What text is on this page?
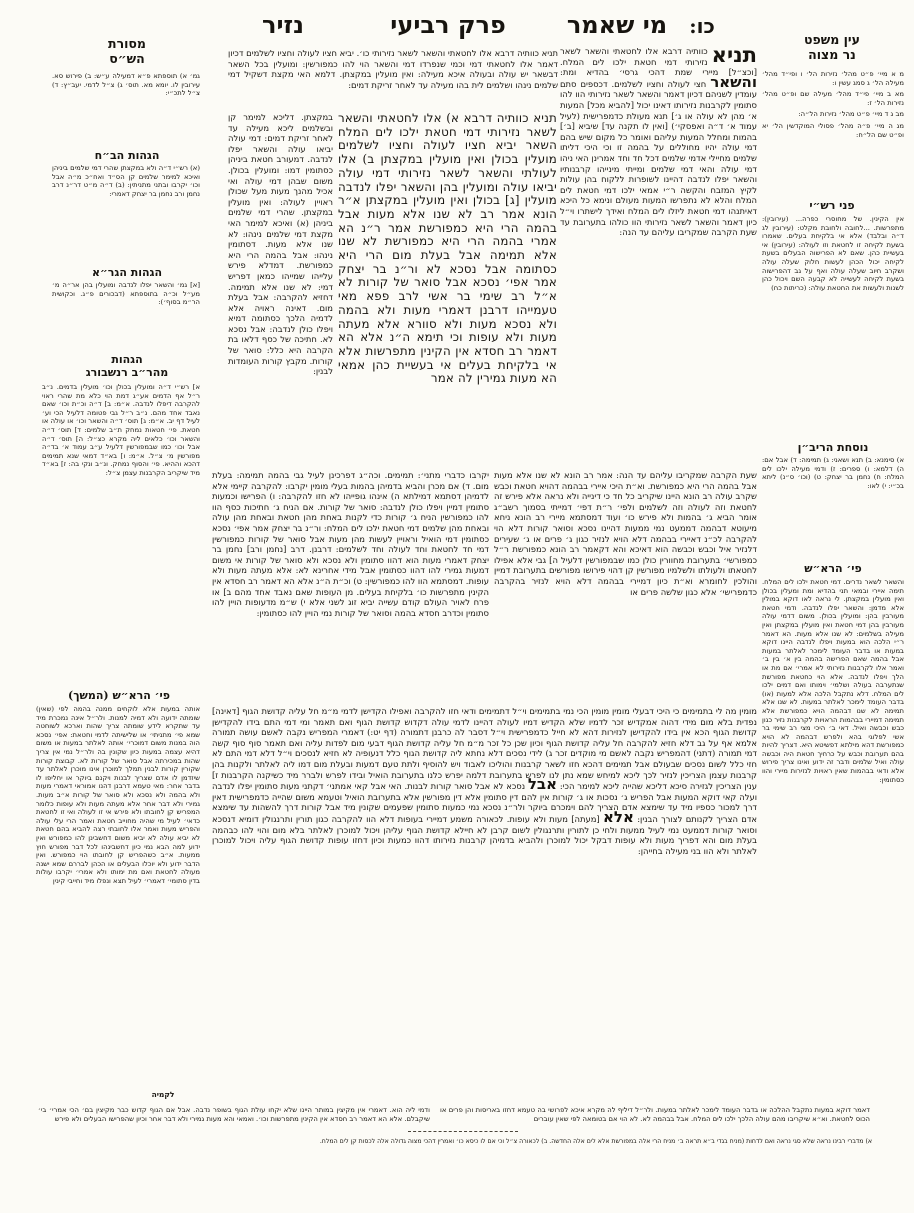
כו:
מי שאמר
פרק רביעי
נזיר
מסורת
הש״ס
גמ׳ א) תוספתא פ״א דמעילה ע״ש: ב) פירוש סא. עירובין לו. יומא מא. תוס׳ ג) צ״ל לדמי. יעב״ץ: ד) צ״ל לתכ״י:
הגהות הב״ח
(א) רש״י ד״ה ולא במקצתן שהרי דמי שלמים ביניהן ואיכא למימר שלמים קן הס״ד ואח״כ מ״ה אבל וכו׳ יקרבו ובתני מתניתין: (ב) ד״ה מ״ט דר״נ דרב נחמן ורב נחמן בר יצחק דאמרי:
הגהות הגר״א
[א] גמ׳ והשאר יפלו לנדבה ומועלין בהן אר״ה מ׳ מע״ל וכ״ה בתוספתא (דבכורים פ״ג. וכקושית הר״מ בסוף׳):
הגהות
מהר״ב רנשבורג
א] רש״י ד״ה ומועלין בכולן וכו׳ מועלין בדמים. נ״ב ר״ל אף הדמים אע״ג דמת הוי כלא מת שהרי ראוי להקרבה דיפלו לנדבה. א״מ: ב] ד״ה וכ״ת וכו׳ שאם נאבד אחד מהם. נ״ב ר״ל גבי פטומה דלעיל הכי וע׳ לעיל דף יב. א״מ: ג] תוס׳ ד״ה והשאר וכו׳ או עולה או חטאת. פי׳ חטאות נמחק ת״ב שלמים: ד] תוס׳ ד״ה והשאר וכו׳ כלאים ליה מקרא כצ״ל: ה] תוס׳ ד״ה אבל וכו׳ כמו שבמפורשין דלעיל ע״ב עמוד א׳ בד״ה מפורשין מ׳ צ״ל. א״מ: ו] בא״ד דמאי שנא תמימים דהכא וההיא. פי׳ והסוף נמחק. ונ״ב ונקי בה: ז] בא״ד מיד שיקריב הקרבנות עצמן צ״ל:
פי׳ הרא״ש (המשך)
אותה במעות אלא לוקחים ממנה בהמה לפי (שאין) שומתה ידועה ולא דמיה למנות. ולר״ל אינה נמכרת מיד עד שתקרא לידע שומתה צריך שהות וארכא לשוחטה שמא פי׳ מתניתי׳ או שלישיתה לדמי וחטאת: אפי׳ נסכא הוה במנות משום דמוכרי׳ אותה לאלתר במעות או משום דהיא עצמה במעות כיון שקונין בה ולר״ל נמי אין צריך שהות במכירתה אבל סואר של קורות לא. קבוצת קורות שקורין קורות לבנין תמלך למוכרן אינו מוכרן לאלתר עד שיזדמן לו אדם שצריך לבנות ויקנם ביוקר או יחליפו לו בדבר אחר: מאי טעמא דרבנן דהנו אמוראי דאמרי מעות ולא בהמה ולא נסכא ולא סואר של קורות א״ב מעות. גמירי ולא דבר אחר אלא מעתה מעות ולא עופות כלומר המפריש קן לחובתו ולא פירש אי זו לעולה ואי זו לחטאת כדאי׳ לעיל מי שהיה מחוייב חטאת ואמר הרי עלי עולה והפריש מעות ואמר אלו לחובתי רצה להביא בהם חטאת לא יביא עולה לא יביא משום דחשבינן להו כמפורש ואין ידוע למה הבא נמי כיון דחשבינהו לכל דבר מפורש חוץ ממעות. א״ב כשהפריש קן לחובתו הוי כמפורש. ואין הדבר ידוע ולא יוכלו הבעלים או הכהן לבררם שמא ישנה מעולה לחטאת ואם מת ימותו ולא אמרי׳ יקרבו עולות בדין סתומי׳ דאמרי׳ לעיל תצא ונפלו מיד וחייבי קינין
לקמיה
עין משפט
נר מצוה
מ א מיי׳ פ״ט מהל׳ נזירות הל׳ ו ופי״ד מהל׳ מעילה הל׳ ג סמג עשין ו:
מא ב מיי׳ פי״ד מהל׳ מעילה שם ופ״ט מהל׳ נזירות הל׳ ז:
מב ג ד מיי׳ פ״ט מהל׳ נזירות הל״ה:
מג ה מיי׳ פ״ה מהל׳ פסולי המוקדשין הל׳ יא ופ״ט שם הל״ח:
פני רש״י
אין הקינין. של מחוסרי כפרה... (עירובין): מתפרשות. ...לחובה ולחובת מקלט: (עירובין לג ד״ה ובלבד) אלא אי בלקיחת בעלים. שאמרו בשעת לקיחה זו לחטאת וזו לעולה: (עירובין) אי בעשיית כהן. שאם לא הפרישוה הבעלים בשעת לקיחה יכול הכהן לעשות חלוק שעלה עולה ושקרב חיוב שעלה עולה ואף על גב דהפרישוה בשעת לקיחה לעשייה לא קבעה השם ויכול כהן לשנות ולעשות את החטאת עולה: (כריתות כח)
נוסחת הריב״ן
א) סימנא: ב) תנא ושאני: ג) תמימה: ד) אבל אם: ה) דלמא: ו) ספרים: ז) ודמי מעילה ילכו לים המלח: ח) נחמן בר יצחק: ט) (וכו׳ ס״נ) ליתא בכ״י: י) לאו:
פי׳ הרא״ש
והשאר לשאר נדרים. דמי חטאת ילכו לים המלח. תימה איירי ובמאי תני בהדיא ומת ומעלין בכולן ואין מועלין במקצתן. לי נראה לאו דוקא במולין אלא מדמן: והשאר יפלו לנדבה. ודמי חטאת מעורבין בהן: ומועלין בכולן. משום דדמי עולה מעורבין בהן דמי חטאת ואין מועלין במקצתן ואין מעילה בשלמים: לא שנו אלא מעות. הא דאמר ר״י הלכה הוא במעות ויפלו לנדבה היינו דוקא במעות או בדבר העומד לימכר לאלתר במעות אבל בהמה שאם הפרישה בהמה בין א׳ בין ב׳ ואמר אלו לקרבנות נזירותי לא אמרי׳ אם מת או הלך ויפלו לנדבה. אלא הוי כחטאת מפורשת שנתערבה בעולה ושלמי׳ וימותו ואם דמים ילכו לים המלח. דלא נתקבל הלכה אלא למעות (או) בדבר העומד לימכר לאלתר במעות. לא שנו אלא תמימה לא שנו דבהמה הויא כמפורשת אלא תמימה דמיירי בבהמות הראויות לקרבנות נזיר כגון כבש וכבשה ואיל. דאי ב׳ היכי מצי רב שימי בר אשי לפלוגי בהא ולפרש דבהמה לא הויא כמפורשת דהא מילתא דפשיטא היא. דצריך להיות בהם תערובת וכבש על כרחיך חטאת היה וכבשה עולה ואיל שלמים ודבר זה ידוע ואינו צריך פירוש אלא ודאי בבהמות שאין ראויות לנזירות מיירי והוו כסתומין:
תניא כוותיה דרבא אלו לחטאתי והשאר לשאר נזירותי כו׳. יביא חציו לעולה וחציו לשלמים דכיון דאמר אלו לחטאתי דמי וכמי שנפרדו דמי והשאר הוי להו כמפורשין: ומועלין בכל השאר דבשאר יש עולה ובעולה איכא מעילה: ואין מועלין במקצתן. דלמא האי מקצת דשקיל דמי שלמים נינהו ושלמים לית בהו מעילה עד לאחר זריקת דמים:
תניא
כוותיה דרבא אלו לחטאתי והשאר לשאר נזירותי דמי חטאת ילכו לים המלח. [וכצ״ל] מיירי שמת דהכי גרסי׳ בהדיא ומת: והשאר חצי לעולה וחציו לשלמים. דכספים סתם עומדין לשניהם דכיון דאמר והשאר לשאר נזירותי הוו להו סתומין לקרבנות נזירותו דאינו יכול [להביא מכל] המעות א׳ מהן לא עולה או ג׳] תנא מעולת כדמפרישית (לעיל עמוד א׳ ד״ה ואפסקי׳) [ואין לו תקנה עד] שיביא [ב׳] בהמות ומחלל המעות עליהם ואומר כל מקום שיש בהם דמי עולה יהיו מחוללים על בהמה זו וכי היכי דליתו שלמים מחיילי אדמי שלמים דכל חד וחד אמרינן האי ניהו דמי עולה והאי דמי שלמים ומייתי מינייהו קרבנותיו והשאר יפלו לנדבה דהיינו לשופרות ללקוח בהן עולות לקיץ המזבח והקשה ר״י אמאי ילכו דמי חטאת לים המלח והלא לא נתפרשו המעות מעולם ונימא כל היכא דאיתנהו דמי חטאת ליזלו לים המלח ואידך לישתרו וי״ל כיון דאמר והשאר לשאר נזירותי הוו כולהו בתערובת עד שעת הקרבה שמקריבו עליהם עד הנה:
במקצתן. דליכא למימר קן ובשלמים ליכא מעילה עד לאחר זריקת דמים: דמי עולה יביאו עולה והשאר יפלו לנדבה. דמעורב חטאת ביניהן כסתומין דמו: ומועלין בכולן. משום שבהן דמי עולה ואי אכיל מהנך מעות מעל שכולן ראויין לעולה: ואין מועלין במקצתן. שהרי דמי שלמים ביניהן (א) ואיכא למימר האי מקצת דמי שלמים נינהו: לא שנו אלא מעות. דסתומין נינהו: אבל בהמה הרי היא כמפורשת. דמדלא פירש עלייהו שמייהו כמאן דפריש דמי: לא שנו אלא תמימה. דחזיא להקרבה: אבל בעלת מום. דאינה ראויה אלא לדמיה הלכך כסתומה דמיא ויפלו כולן לנדבה: אבל נסכא לא. חתיכה של כסף דלאו בת הקרבה היא כלל: סואר של קורות. מקבץ קורות העומדות לבנין:
תניא כוותיה דרבא א) אלו לחטאתי והשאר לשאר נזירותי דמי חטאת ילכו לים המלח השאר יביא חציו לעולה וחציו לשלמים מועלין בכולן ואין מועלין במקצתן ב) אלו לעולתי והשאר לשאר נזירותי דמי עולה יביאו עולה ומועלין בהן והשאר יפלו לנדבה מועלין [ג] בכולן ואין מועלין במקצתן א״ר הונא אמר רב לא שנו אלא מעות אבל בהמה הרי היא כמפורשת אמר ר״נ הא אמרי בהמה הרי היא כמפורשת לא שנו אלא תמימה אבל בעלת מום הרי היא כסתומה אבל נסכא לא ור״נ בר יצחק אמר אפי׳ נסכא אבל סואר של קורות לא א״ל רב שימי בר אשי לרב פפא מאי טעמייהו דרבנן דאמרי מעות ולא בהמה ולא נסכא מעות ולא סוורא אלא מעתה מעות ולא עופות וכי תימא ה״נ אלא הא דאמר רב חסדא אין הקינין מתפרשות אלא אי בלקיחת בעלים אי בעשיית כהן אמאי הא מעות גמירין לה אמר
יקרבו כדברי מתני׳: תמימים. וכה״ג דפרכינן לעיל גבי בהמה תמימה: בעלת מום. ד) אם מכרן והביא בדמיהן בהמות בעלי מומין יקרבו: להקרבה קיימי אלא לדמיהן דסתמא דמילתא ה) אינהו גופייהו לא חזו להקרבה: ו) הפרישו וכמעות סתומין דמיין ויפלו כולן לנדבה: סואר של קורות. אם הניח ג׳ חתיכות כסף הוו להו כמפורשין הניח ג׳ קורות כדי לקנות באחת מהן חטאת ובאחת מהן עולה ובאחת מהן שלמים דמי חטאת ילכו לים המלח: ור״נ בר יצחק אמר אפי׳ נסכא כסתומין דמי הואיל וראויין לעשות מהן מעות אבל סואר של קורות כמפורשין דמי חד לחטאת וחד לעולה וחד לשלמים: דרבנן. דרב [נחמן ורב] נחמן בר יצחק דאמרי מעות הוא דהוו סתומין ולא נסכא ולא סואר של קורות אי משום דמעות גמירי להו דהוו כסתומין אבל מידי אחרינא לא: אלא מעתה מעות ולא עופות. דמסתמא הוו להו כמפורשין: ט) וכ״ת ה״נ אלא הא דאמר רב חסדא אין הקינין מתפרשות כו׳ בלקיחת בעלים. מן העופות שאם נאבד אחד מהם ב] או פרח לאויר העולם קודם עשייה יביא זוג לשני אלא י) ש״מ מדעופות הויין להו סתומין וכדרב חסדא בהמה וסואר של קורות נמי הויין להו כסתומין:
שעת הקרבה שמקריבו עליהם עד הנה: אמר רב הונא לא שנו אלא מעות אבל בהמה הרי היא כמפורשת. וא״ת היכי איירי בבהמה דהויא חטאת וכבש שקרב עולה רב הונא היינו שיקריב כל חד כי דינייה ולא נראה אלא פירש זה לחטאת וזה לעולה וזה לשלמים ולפי׳ ר״ת דפי׳ דמייתי בסמוך רשב״ג אומר הביא ג׳ בהמות ולא פירש כו׳ ועוד דמסתמא מיירי רב הונא ניחא מיעוטא דבהמה דממעט נמי ממעות דהיינו נסכא וסואר קורות דלא הוי להקרבה לכ״נ דאיירי בבהמה דלא הויא לנזיר כגון ג׳ פרים או ג׳ שעירים דלנזיר איל וכבש וכבשה הוא דאיכא והא דקאמר רב הונא כמפורשת ר״ל כמפורשי׳ בתערובת מחוורין כולן כמו שבמפורשין דלעיל ה] גבי אלא אפילו לחטאתו ולעולתו ולשלמיו מפורשין קן דהוי פירושו מפורשים בתערובת דמיין והולכין לחומרא וא״ת כיון דמיירי בבהמה דלא הויא לנזיר בהקרבה כדמפרישי׳ אלא כגון שלשה פרים או
מומין מה לי בתמימים כי היכי דבעלי מומין מומין הכי נמי בתמימים וי״ל דתמימים ודאי חזו להקרבה ואפילו הקדישן לדמי מ״מ חל עליה קדושת הגוף [דאינה] נפדית בלא מום מידי דהוה אמקדיש זכר לדמיו שלא הקדיש דמיו לעולה דהיינו לדמי עולה דקדוש קדושת הגוף ואם תאמר ומי דמי התם בידו להקדישן קדושת הגוף הכא אין בידו להקדישן לנזירות דהא לא חייל כדמפרישית וי״ל דסבר לה כרבנן דתמורה (דף יט:) דאמרי המפריש נקבה לאשם עושה תמורה אלמא אף על גב דלא חזיא להקרבה חל עליה קדושת הגוף וכיון שכן כל זכר מ״מ חל עליה קדושת הגוף דבעי מום לפדות עליה ואם תאמר סוף סוף קשה דמי תמורה (דתני) דהמפריש נקבה לאשם מי מוקדים זכר ג) לידי נסכים דלא נחתא ליה קדושת הגוף כלל דנעופיה לא חזיא לנסכים וי״ל דלא דמי התם לא חזי כלל לשום נסכים שבעולם אבל תמימים דהכא חזו לשאר קרבנות והוליכו לאבוד ויש להוסיף ולתת טעם דמעות ובעלת מום דמו ליה לאלתר ולקנות בהן קרבנות עצמן הצריכין לנזיר לכך ליכא למיחש שמא נתן לנו לפרש בתערובת דלמה יפרש כלנו בתערובת הואיל ובידו לפרש ולברר מיד כשיקנה הקרבנות ז] ענין הצריכין לגזירה סיכא דליכא שהייה ליכא למימר הכי: אבל נסכא לא אבל סואר קורות לבנות. האי אבל קאי אמתני׳ דקתני מעות סתומין יפלו לנדבה ועלה קאי דוקא המעות אבל הפריש ג׳ נסכות או ג׳ קורות אין להם דין סתומין אלא דין מפורשין אלא בתערובת הואיל וטעמא משום שהייה כדמפרישית דאין דרך למכור כספיו מיד עד שימצא אדם הצריך להם וימכרם ביוקר ולר״נ נסכא נמי כמעות סתומין שפעמים שקונין מיד אבל קורות דרך להשהות עד שימצא אדם הצריך לקנותם לצורך הבנין: אלא [מעתה] מעות ולא עופות. לכאורה משמע דמיירי בעופות דלא הוו להקרבה כגון תורין ותרנגולין דומיא דנסכא וסואר קורות דממעט נמי לעיל ממעות ולחי כן לתורין ותרנגולין לשום קרבן לא חיילא קדושת הגוף עליהן ויכול למוכרן לאלתר בלא מום והוי להו כבהמה בעלת מום והא דפריך מעות ולא עופות דבקל יכול למוכרן ולהביא בדמיהן קרבנות נזירותו דהוו כמעות וכיון דחזו עופות קדושת הגוף עליה ויכול למוכרן לאלתר ולא הוו בני מעילה בחייהן:
ודמי ליה הוא. דאמרי אין מקיצין במותר היינו שלא יקחו עולת הגוף בשופר נדבה. אבל אם הגוף קדוש כבר מקיצין בם׳ הכי אמרי׳ בי׳ שיקבלם. אלא הא דאמר רב חסדא אין הקינין מתפרשות וכו׳. ואמאי והא מעות גמירי ולא דבר אחר וכיון שהפרישו הבעלים ולא פירש
דאמר דוקא במעות נתקבל ההלכה או בדבר העומד לימכר לאלתר במעות. ולר״ל דיליף לה מקרא איכא לפרושי בה טעמא דחזו באריסות והן פרים או הכוס לחטאת. וא״א שיקריבו מהם עולה הלכך ילכו לים המלח. אבל בבהמה לא. לא הוי אם בטומאה לפי שאין עוברים
א) מדברי רבינו נראה שלא סגי נראה ואם לדחות (מניח בגדי ב״א תראה ב׳ מניח הרי אלה במפורשת אלא לים אלה החדשה. ב) לכאורה צ״ל וכי אם לו כיסא כו׳ ואמרין דהכי מצוה גדולה אלה לכסות קן לים המלח.
